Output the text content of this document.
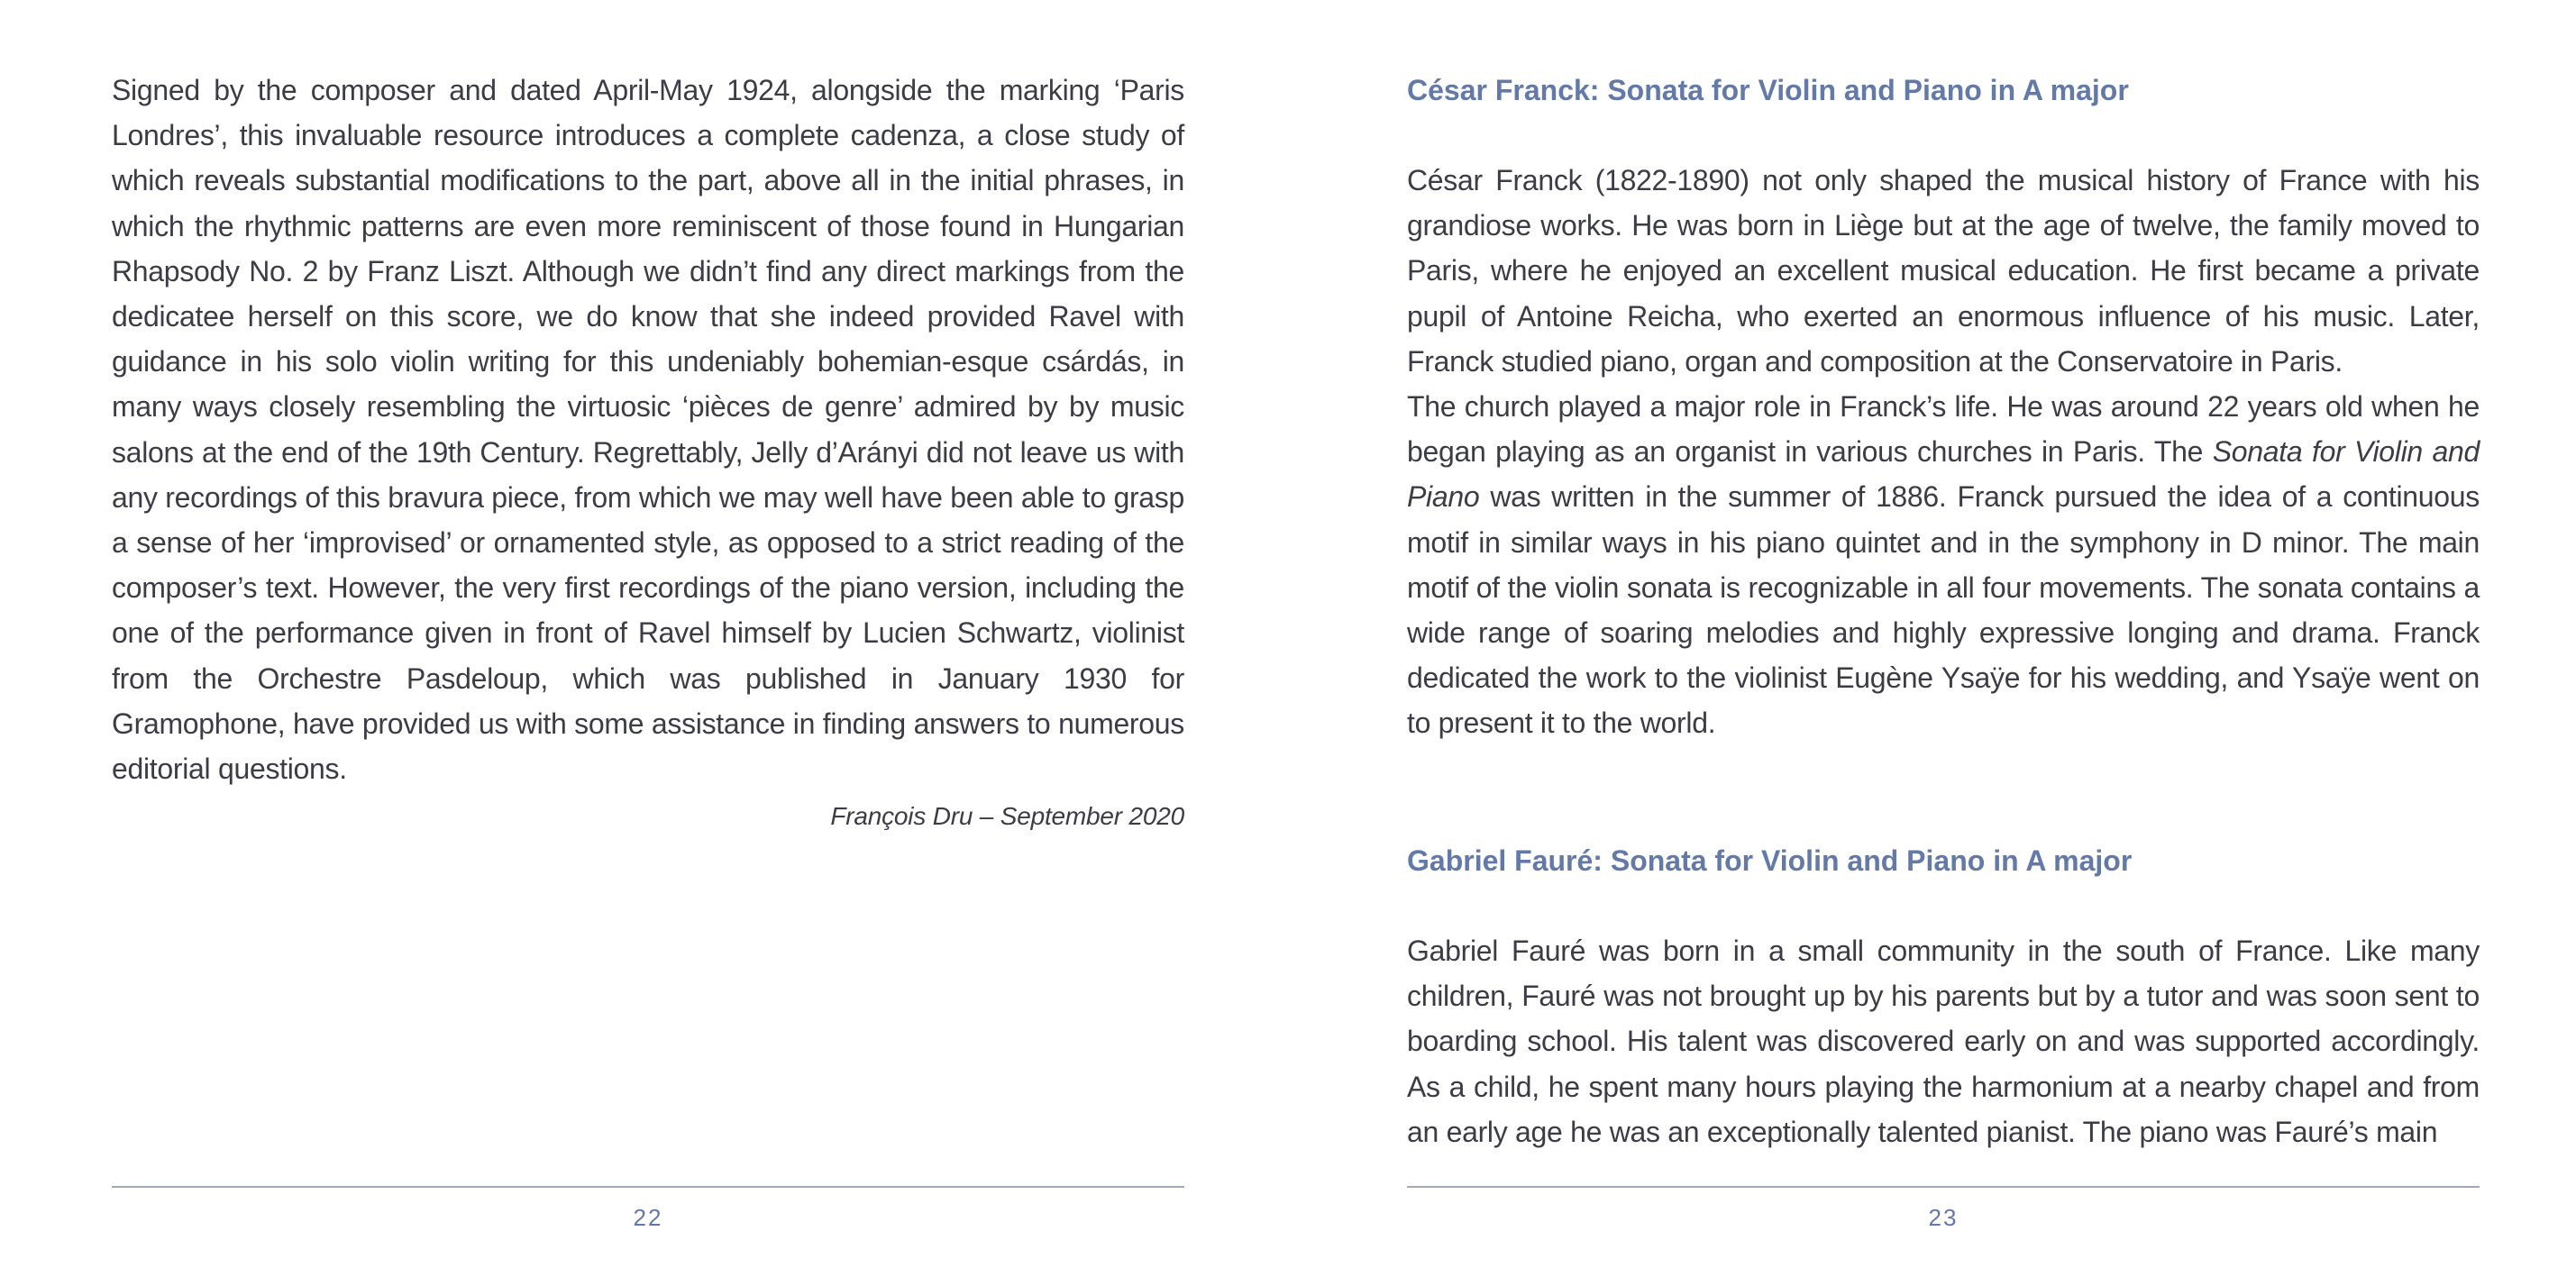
Signed by the composer and dated April-May 1924, alongside the marking ‘Paris Londres’, this invaluable resource introduces a complete cadenza, a close study of which reveals substantial modifications to the part, above all in the initial phrases, in which the rhythmic patterns are even more reminiscent of those found in Hungarian Rhapsody No. 2 by Franz Liszt. Although we didn’t find any direct markings from the dedicatee herself on this score, we do know that she indeed provided Ravel with guidance in his solo violin writing for this undeniably bohemian-esque csárdás, in many ways closely resembling the virtuosic ‘pièces de genre’ admired by by music salons at the end of the 19th Century. Regrettably, Jelly d’Arányi did not leave us with any recordings of this bravura piece, from which we may well have been able to grasp a sense of her ‘improvised’ or ornamented style, as opposed to a strict reading of the composer’s text. However, the very first recordings of the piano version, including the one of the performance given in front of Ravel himself by Lucien Schwartz, violinist from the Orchestre Pasdeloup, which was published in January 1930 for Gramophone, have provided us with some assistance in finding answers to numerous editorial questions.

François Dru – September 2020

22
César Franck: Sonata for Violin and Piano in A major

César Franck (1822-1890) not only shaped the musical history of France with his grandiose works. He was born in Liège but at the age of twelve, the family moved to Paris, where he enjoyed an excellent musical education. He first became a private pupil of Antoine Reicha, who exerted an enormous influence of his music. Later, Franck studied piano, organ and composition at the Conservatoire in Paris.

The church played a major role in Franck’s life. He was around 22 years old when he began playing as an organist in various churches in Paris. The Sonata for Violin and Piano was written in the summer of 1886. Franck pursued the idea of a continuous motif in similar ways in his piano quintet and in the symphony in D minor. The main motif of the violin sonata is recognizable in all four movements. The sonata contains a wide range of soaring melodies and highly expressive longing and drama. Franck dedicated the work to the violinist Eugène Ysaÿe for his wedding, and Ysaÿe went on to present it to the world.

Gabriel Fauré: Sonata for Violin and Piano in A major

Gabriel Fauré was born in a small community in the south of France. Like many children, Fauré was not brought up by his parents but by a tutor and was soon sent to boarding school. His talent was discovered early on and was supported accordingly. As a child, he spent many hours playing the harmonium at a nearby chapel and from an early age he was an exceptionally talented pianist. The piano was Fauré’s main

23
